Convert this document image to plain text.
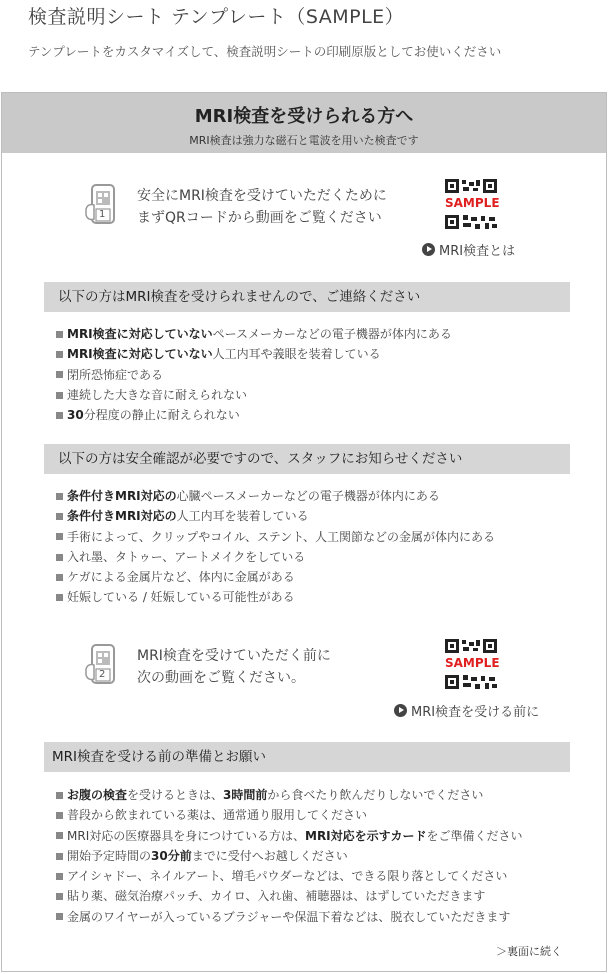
検査説明シート テンプレート（SAMPLE）
テンプレートをカスタマイズして、検査説明シートの印刷原版としてお使いください
MRI検査を受けられる方へ
MRI検査は強力な磁石と電波を用いた検査です
1
安全にMRI検査を受けていただくために
まずQRコードから動画をご覧ください
SAMPLE
MRI検査とは
以下の方はMRI検査を受けられませんので、ご連絡ください
MRI検査に対応していない ペースメーカーなどの電子機器が体内にある
MRI検査に対応していない 人工内耳や義眼を装着している
閉所恐怖症である
連続した大きな音に耐えられない
30 分程度の静止に耐えられない
以下の方は安全確認が必要ですので、スタッフにお知らせください
条件付きMRI対応の 心臓ペースメーカーなどの電子機器が体内にある
条件付きMRI対応の 人工内耳を装着している
手術によって、クリップやコイル、ステント、人工関節などの金属が体内にある
入れ墨、タトゥー、アートメイクをしている
ケガによる金属片など、体内に金属がある
妊娠している / 妊娠している可能性がある
2
MRI検査を受けていただく前に
次の動画をご覧ください。
SAMPLE
MRI検査を受ける前に
MRI検査を受ける前の準備とお願い
お腹の検査 を受けるときは、 3時間前 から食べたり飲んだりしないでください
普段から飲まれている薬は、通常通り服用してください
MRI対応の医療器具を身につけている方は、 MRI対応を示すカード をご準備ください
開始予定時間の 30分前 までに受付へお越しください
アイシャドー、ネイルアート、増毛パウダーなどは、できる限り落としてください
貼り薬、磁気治療パッチ、カイロ、入れ歯、補聴器は、はずしていただきます
金属のワイヤーが入っているブラジャーや保温下着などは、脱衣していただきます
＞裏面に続く
